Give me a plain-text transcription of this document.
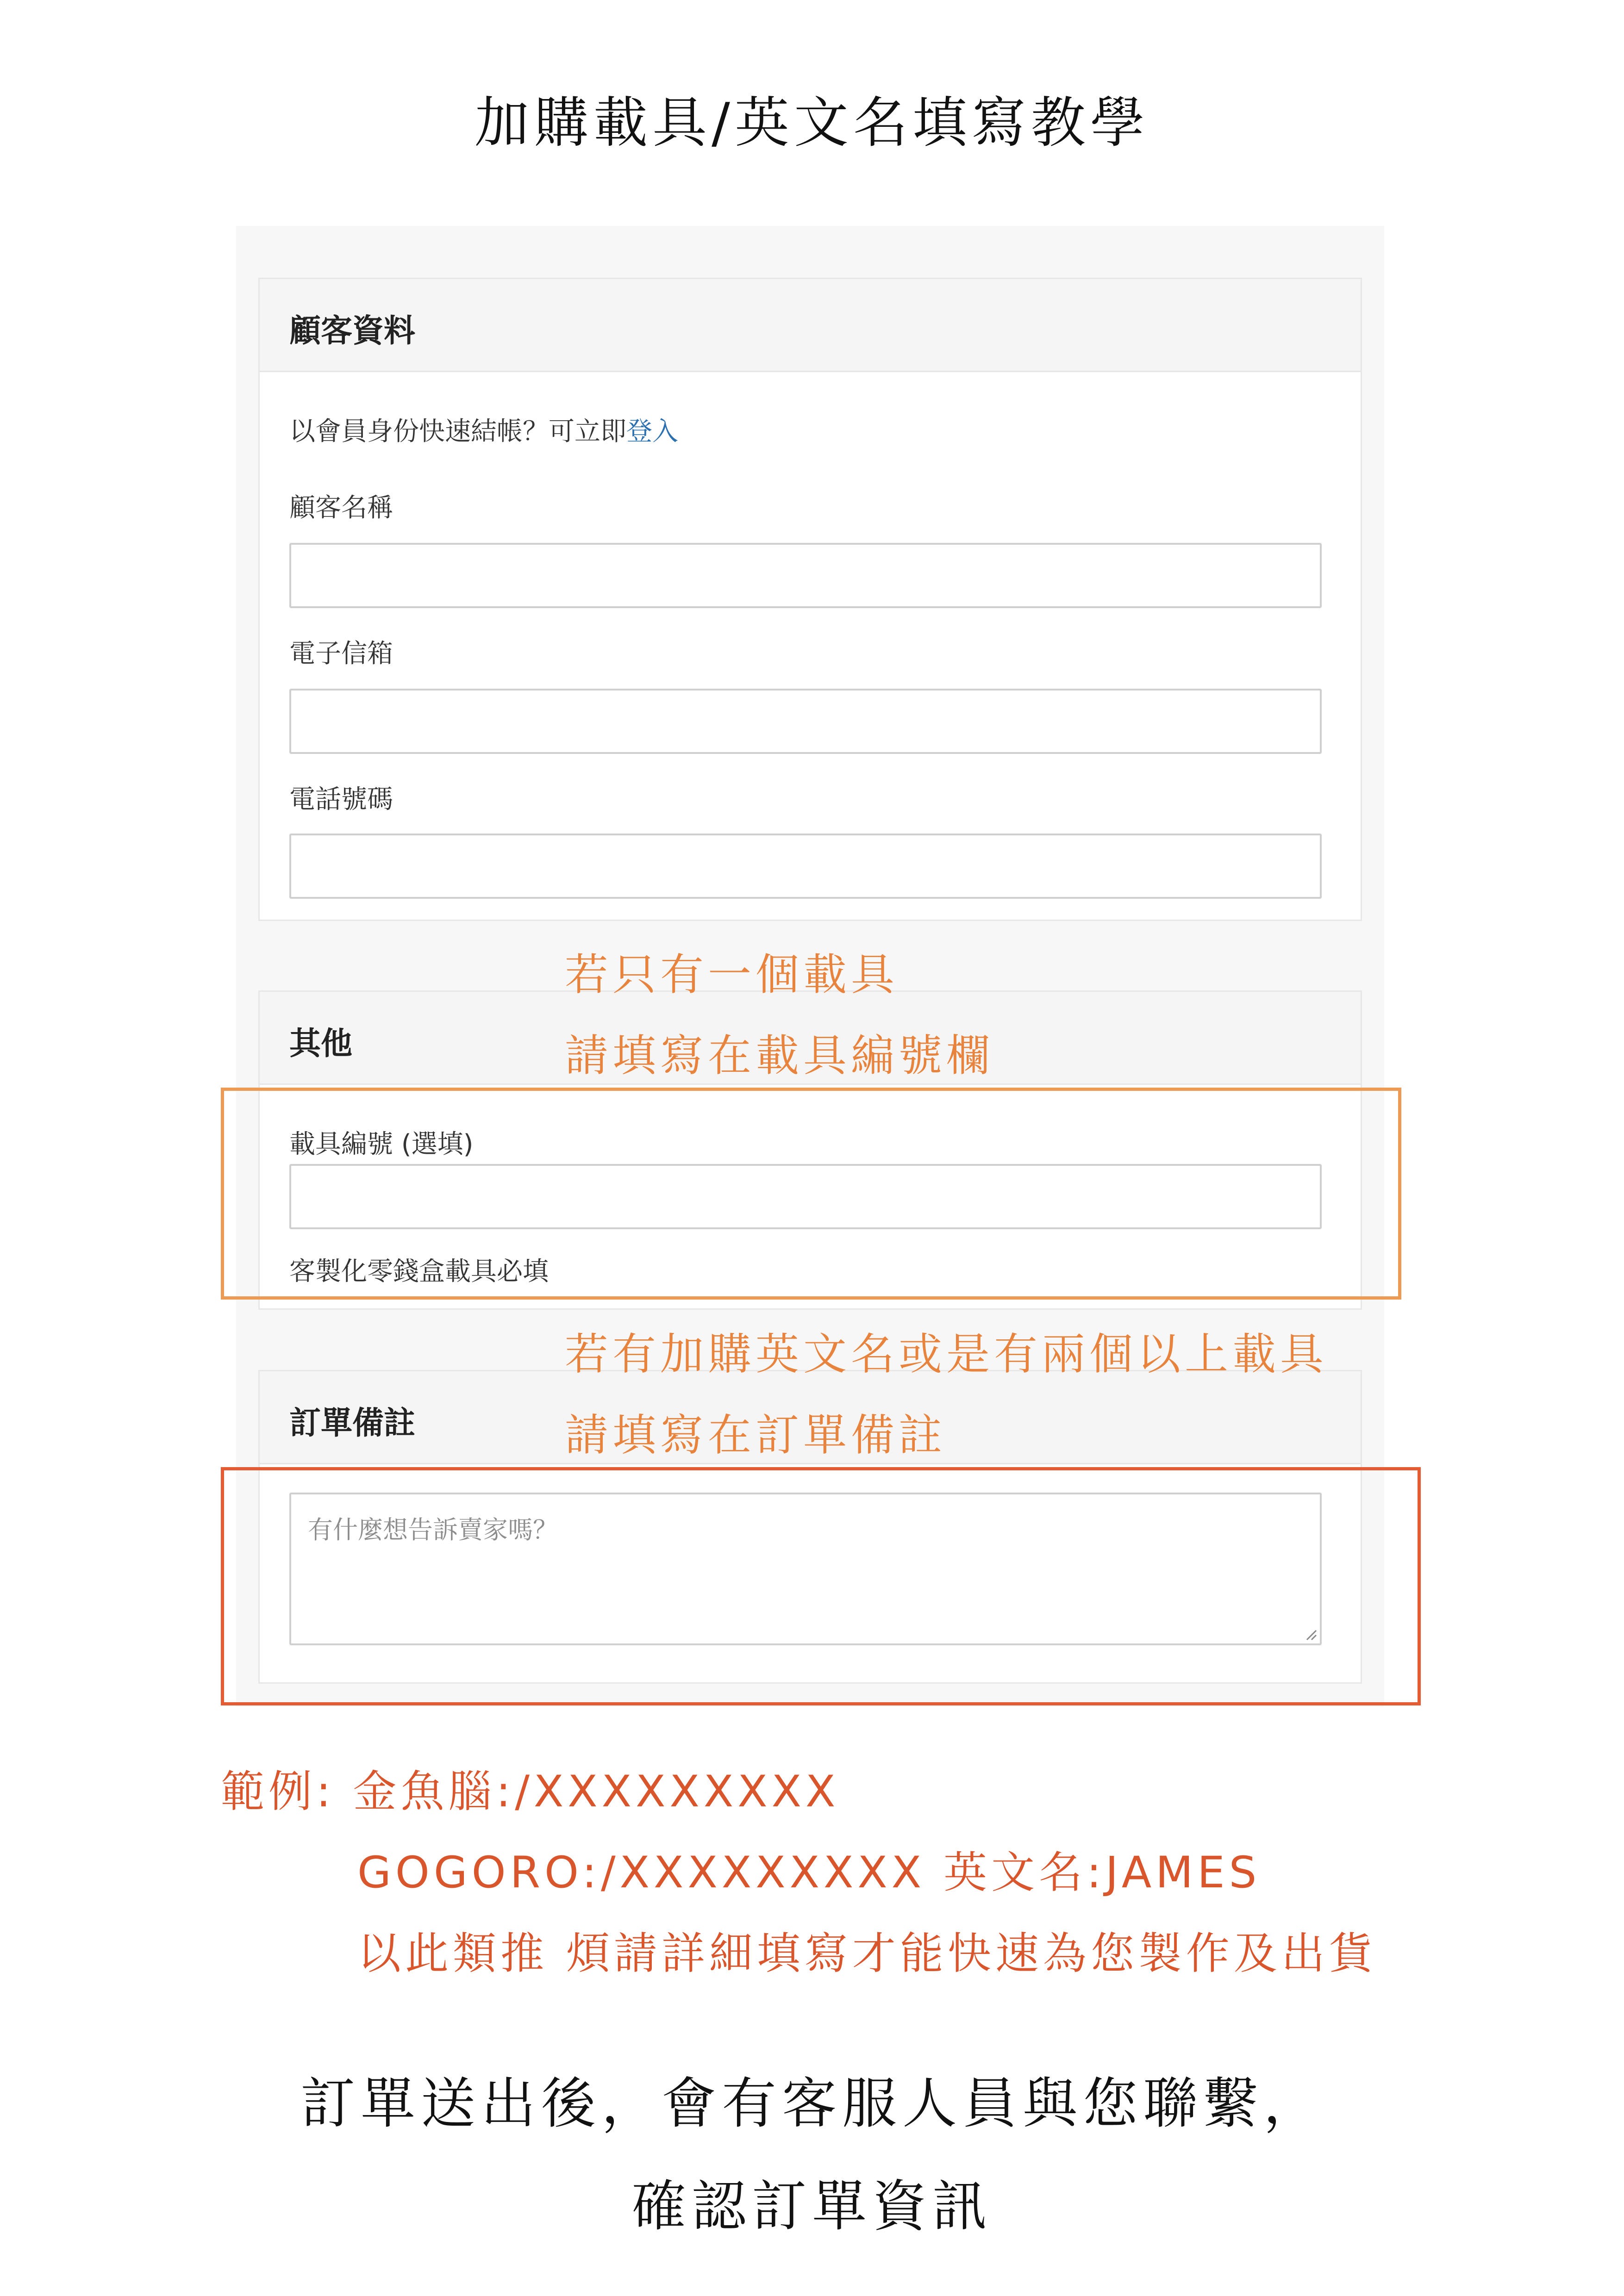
加購載具/英文名填寫教學
顧客資料
以會員身份快速結帳？可立即登入
顧客名稱
電子信箱
電話號碼
其他
載具編號 (選填)
客製化零錢盒載具必填
訂單備註
有什麼想告訴賣家嗎？
若只有一個載具
請填寫在載具編號欄
若有加購英文名或是有兩個以上載具
請填寫在訂單備註
範例: 金魚腦:/XXXXXXXXX
GOGORO:/XXXXXXXXX 英文名:JAMES
以此類推 煩請詳細填寫才能快速為您製作及出貨
訂單送出後，會有客服人員與您聯繫，
確認訂單資訊
